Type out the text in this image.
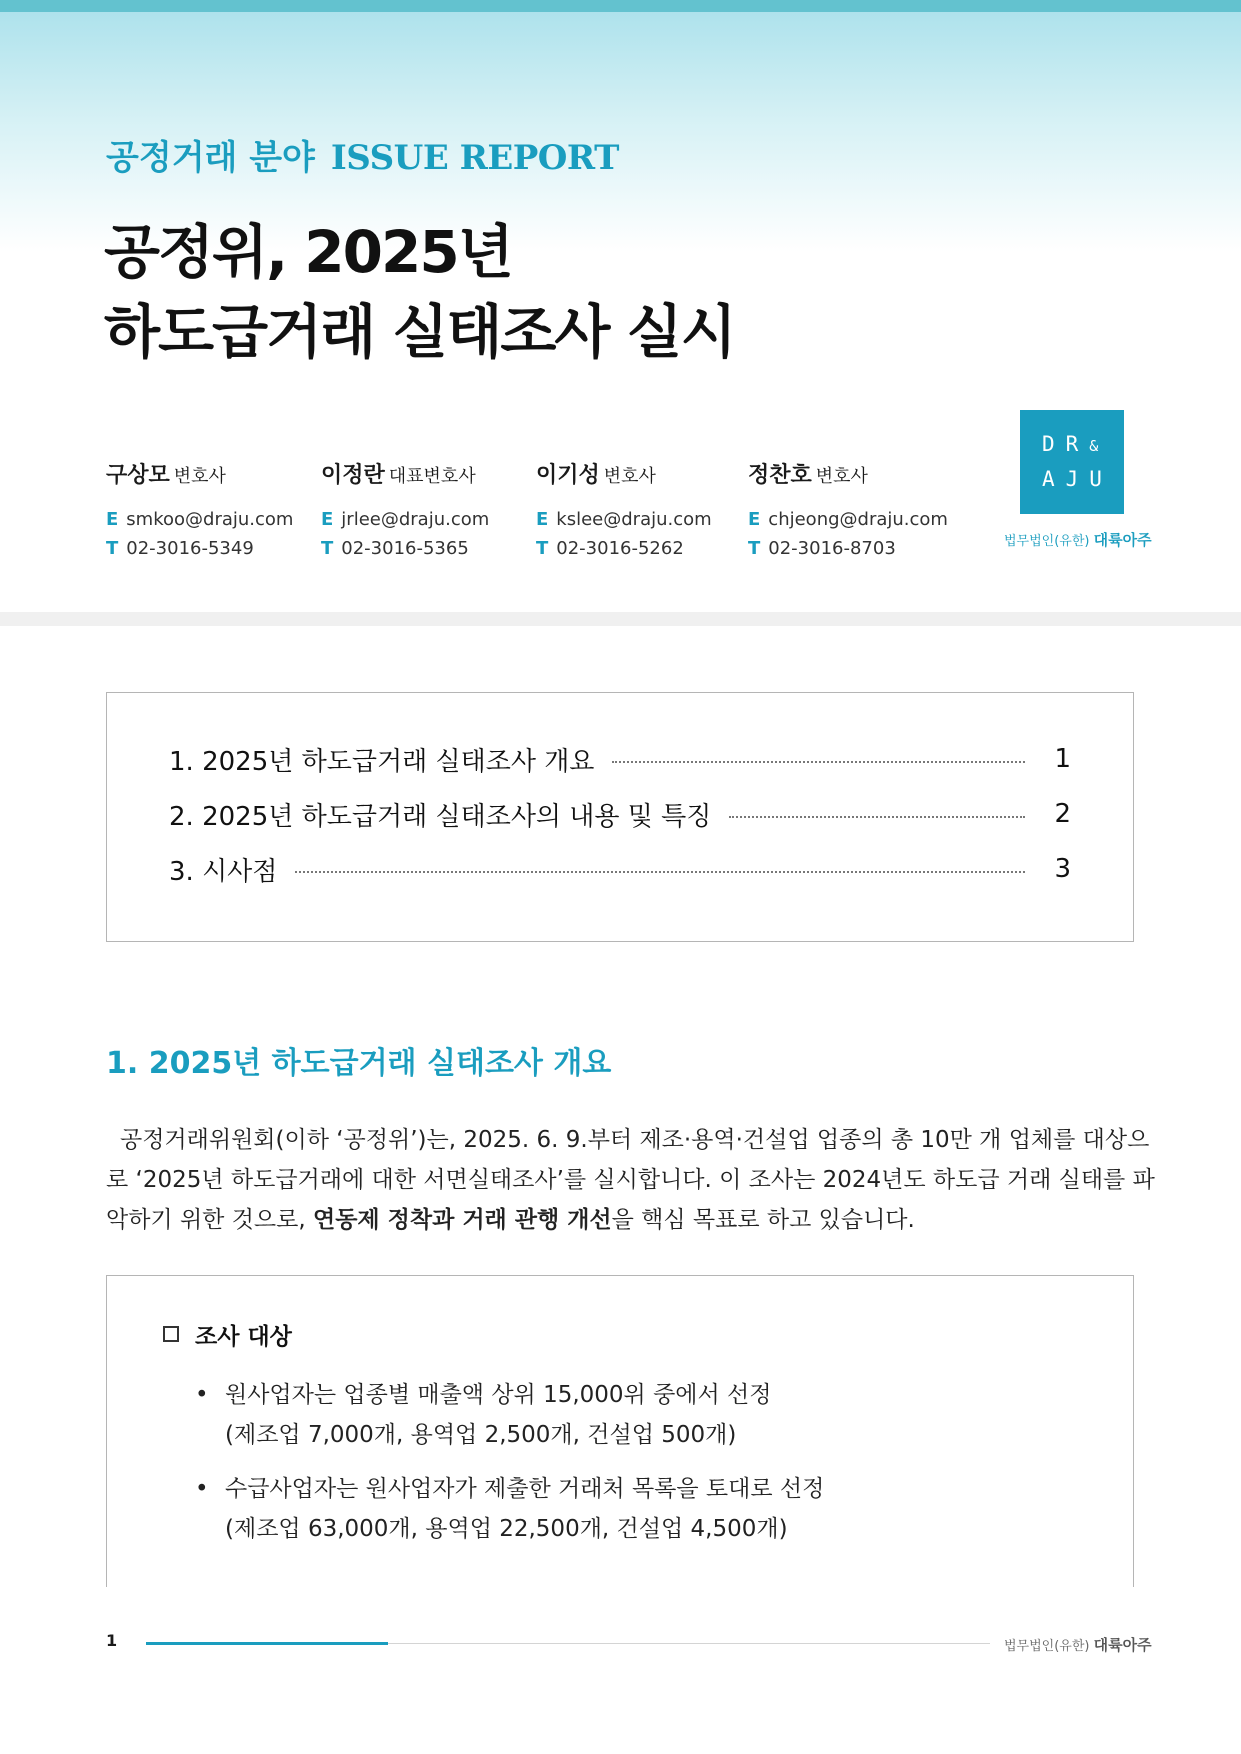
공정거래 분야 ISSUE REPORT
공정위, 2025년
하도급거래 실태조사 실시
구상모 변호사
E smkoo@draju.com
T 02-3016-5349
이정란 대표변호사
E jrlee@draju.com
T 02-3016-5365
이기성 변호사
E kslee@draju.com
T 02-3016-5262
정찬호 변호사
E chjeong@draju.com
T 02-3016-8703
DR&
AJU
법무법인(유한) 대륙아주
1. 2025년 하도급거래 실태조사 개요	1
2. 2025년 하도급거래 실태조사의 내용 및 특징	2
3. 시사점	3
1. 2025년 하도급거래 실태조사 개요

공정거래위원회(이하 ‘공정위’)는, 2025. 6. 9.부터 제조·용역·건설업 업종의 총 10만 개 업체를 대상으
로 ‘2025년 하도급거래에 대한 서면실태조사’를 실시합니다. 이 조사는 2024년도 하도급 거래 실태를 파
악하기 위한 것으로, 연동제 정착과 거래 관행 개선을 핵심 목표로 하고 있습니다.

조사 대상
• 원사업자는 업종별 매출액 상위 15,000위 중에서 선정
(제조업 7,000개, 용역업 2,500개, 건설업 500개)
• 수급사업자는 원사업자가 제출한 거래처 목록을 토대로 선정
(제조업 63,000개, 용역업 22,500개, 건설업 4,500개)
1	법무법인(유한) 대륙아주
